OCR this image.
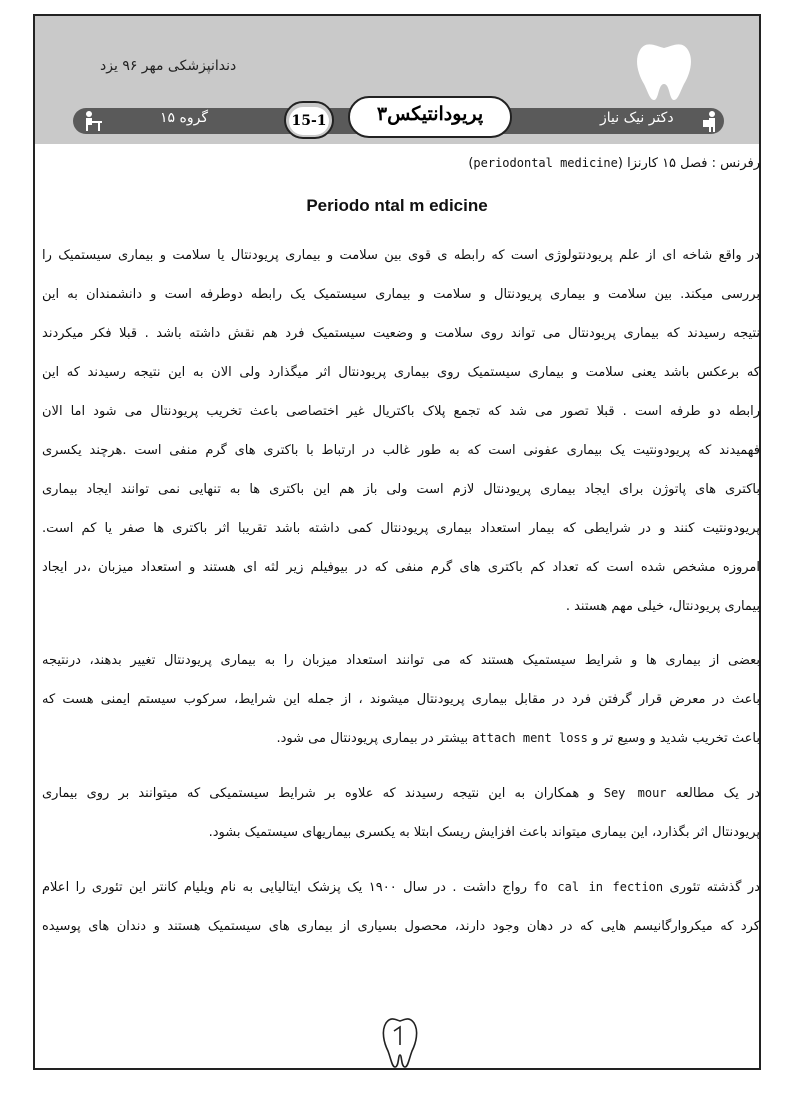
دندانپزشکی مهر ۹۶ یزد
دکتر نیک نیاز
گروه ۱۵	پریودانتیکس۳
15-1
رفرنس : فصل ۱۵ کارنزا (periodontal medicine)
Periodo ntal m edicine
در واقع شاخه ای از علم پریودنتولوژی است که رابطه ی قوی بین سلامت و بیماری پریودنتال یا سلامت و بیماری سیستمیک را
بررسی میکند. بین سلامت و بیماری پریودنتال و سلامت و بیماری سیستمیک یک رابطه دوطرفه است و دانشمندان به این
نتیجه رسیدند که بیماری پریودنتال می تواند روی سلامت و وضعیت سیستمیک فرد هم نقش داشته باشد . قبلا فکر میکردند
که برعکس باشد یعنی سلامت و بیماری سیستمیک روی بیماری پریودنتال اثر میگذارد ولی الان به این نتیجه رسیدند که این
رابطه دو طرفه است . قبلا تصور می شد که تجمع پلاک باکتریال غیر اختصاصی باعث تخریب پریودنتال می شود اما الان
فهمیدند که پریودونتیت یک بیماری عفونی است که به طور غالب در ارتباط با باکتری های گرم منفی است .هرچند یکسری
باکتری های پاتوژن برای ایجاد بیماری پریودنتال لازم است ولی باز هم این باکتری ها به تنهایی نمی توانند ایجاد بیماری
پریودونتیت کنند و در شرایطی که بیمار استعداد بیماری پریودنتال کمی داشته باشد تقریبا اثر باکتری ها صفر یا کم است.
امروزه مشخص شده است که تعداد کم باکتری های گرم منفی که در بیوفیلم زیر لثه ای هستند و استعداد میزبان ،در ایجاد
بیماری پریودنتال، خیلی مهم هستند .
بعضی از بیماری ها و شرایط سیستمیک هستند که می توانند استعداد میزبان را به بیماری پریودنتال تغییر بدهند، درنتیجه
باعث در معرض قرار گرفتن فرد در مقابل بیماری پریودنتال میشوند ، از جمله این شرایط، سرکوب سیستم ایمنی هست که
باعث تخریب شدید و وسیع تر و attach ment loss بیشتر در بیماری پریودنتال می شود.
در یک مطالعه Sey mour و همکاران به این نتیجه رسیدند که علاوه بر شرایط سیستمیکی که میتوانند بر روی بیماری
پریودنتال اثر بگذارد، این بیماری میتواند باعث افزایش ریسک ابتلا به یکسری بیماریهای سیستمیک بشود.
در گذشته تئوری fo cal in fection رواج داشت . در سال ۱۹۰۰ یک پزشک ایتالیایی به نام ویلیام کانتر این تئوری را اعلام
کرد که میکروارگانیسم هایی که در دهان وجود دارند، محصول بسیاری از بیماری های سیستمیک هستند و دندان های پوسیده
